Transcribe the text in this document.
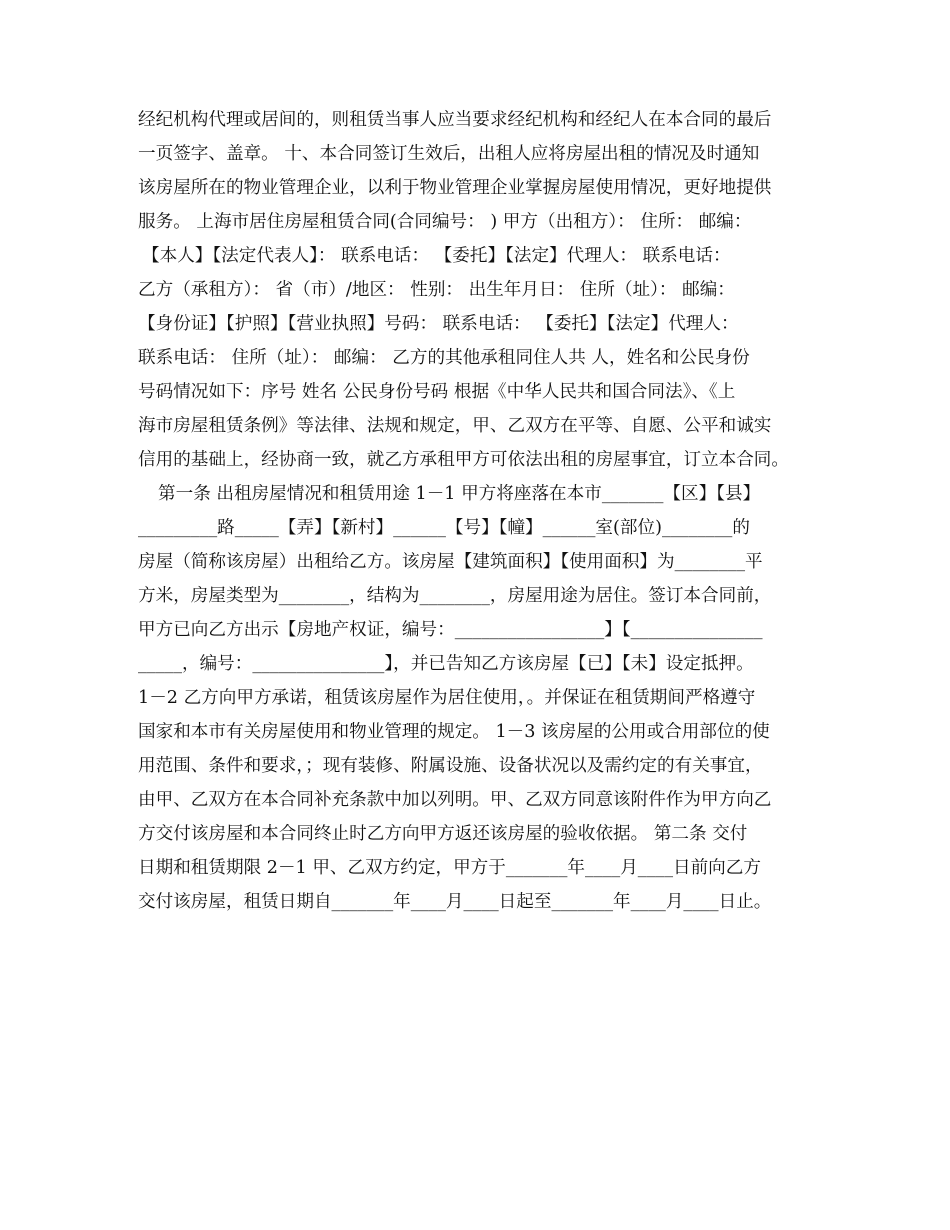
经纪机构代理或居间的，则租赁当事人应当要求经纪机构和经纪人在本合同的最后
一页签字、盖章。 十、本合同签订生效后，出租人应将房屋出租的情况及时通知
该房屋所在的物业管理企业，以利于物业管理企业掌握房屋使用情况，更好地提供
服务。 上海市居住房屋租赁合同(合同编号： ) 甲方（出租方）： 住所： 邮编：
【本人】【法定代表人】： 联系电话： 【委托】【法定】代理人： 联系电话：
乙方（承租方）： 省（市）/地区： 性别： 出生年月日： 住所（址）： 邮编：
【身份证】【护照】【营业执照】号码： 联系电话： 【委托】【法定】代理人：
联系电话： 住所（址）： 邮编： 乙方的其他承租同住人共 人，姓名和公民身份
号码情况如下：序号 姓名 公民身份号码 根据《中华人民共和国合同法》、《上
海市房屋租赁条例》等法律、法规和规定，甲、乙双方在平等、自愿、公平和诚实
信用的基础上，经协商一致，就乙方承租甲方可依法出租的房屋事宜，订立本合同。
第一条 出租房屋情况和租赁用途 1－1 甲方将座落在本市_______【区】【县】
_________路_____【弄】【新村】______【号】【幢】______室(部位)________的
房屋（简称该房屋）出租给乙方。该房屋【建筑面积】【使用面积】为________平
方米，房屋类型为________，结构为________，房屋用途为居住。签订本合同前，
甲方已向乙方出示【房地产权证，编号：_________________】【_______________
_____，编号：_______________】，并已告知乙方该房屋【已】【未】设定抵押。
1－2 乙方向甲方承诺，租赁该房屋作为居住使用，。并保证在租赁期间严格遵守
国家和本市有关房屋使用和物业管理的规定。 1－3 该房屋的公用或合用部位的使
用范围、条件和要求，；现有装修、附属设施、设备状况以及需约定的有关事宜，
由甲、乙双方在本合同补充条款中加以列明。甲、乙双方同意该附件作为甲方向乙
方交付该房屋和本合同终止时乙方向甲方返还该房屋的验收依据。 第二条 交付
日期和租赁期限 2－1 甲、乙双方约定，甲方于_______年____月____日前向乙方
交付该房屋，租赁日期自_______年____月____日起至_______年____月____日止。
